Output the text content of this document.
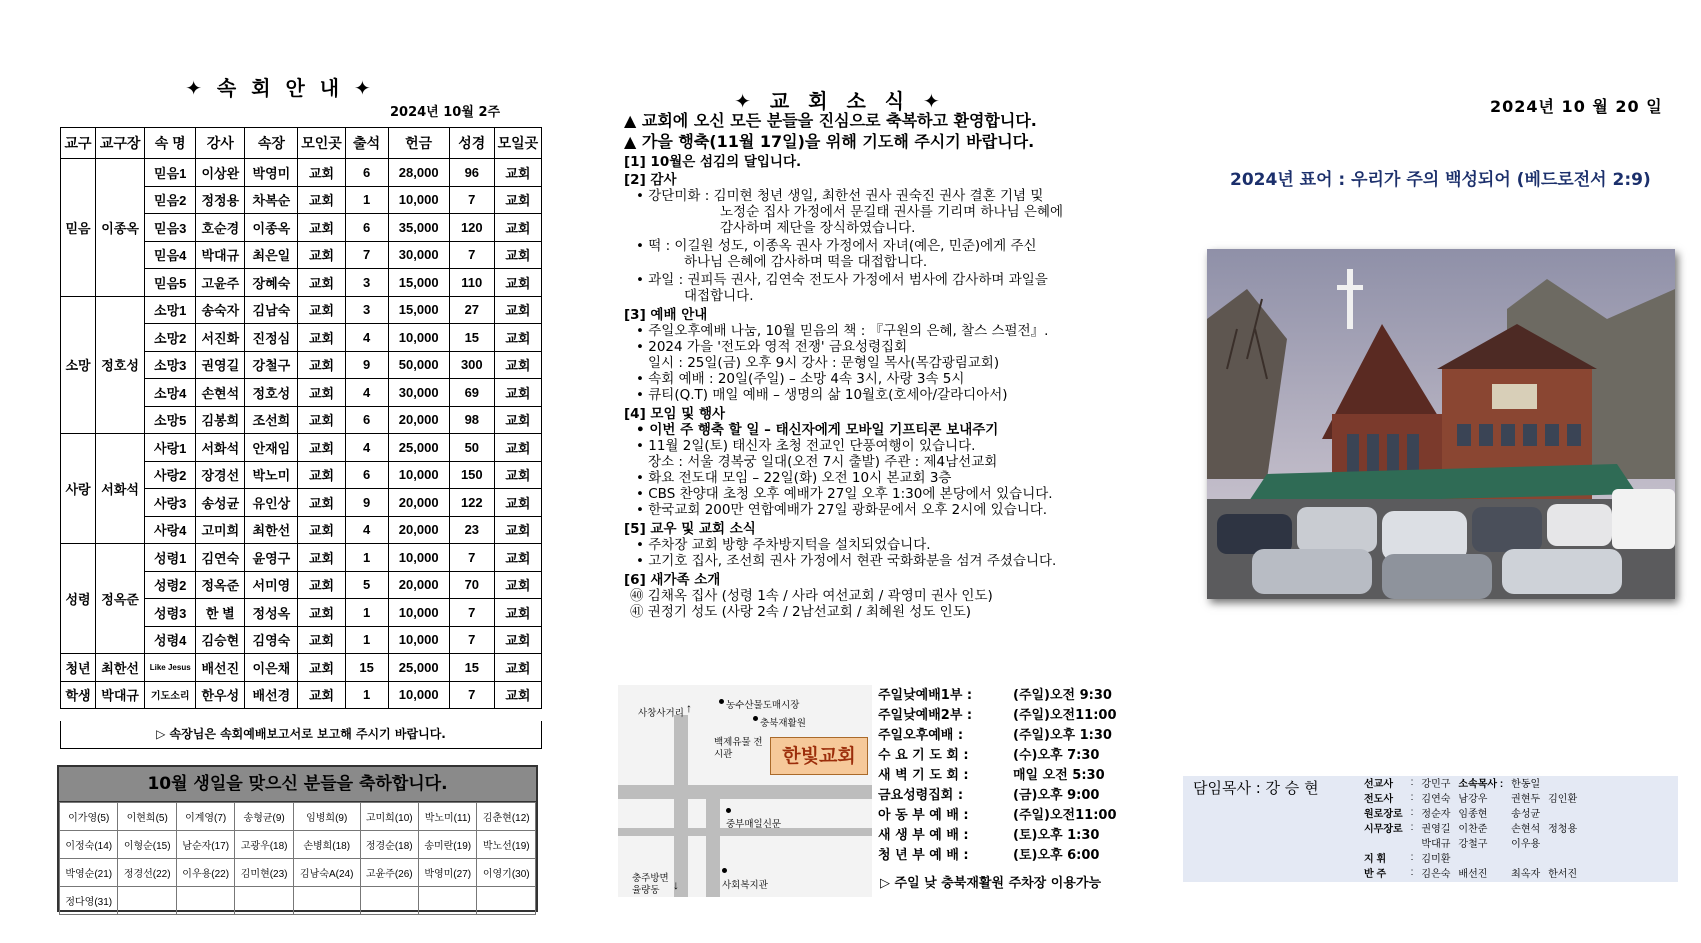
✦ 속 회 안 내 ✦
2024년 10월 2주
교구	교구장	속 명	강사	속장	모인곳	출석	헌금	성경	모일곳
믿음	이종옥	믿음1	이상완	박영미	교회	6	28,000	96	교회
		믿음2	정정용	차복순	교회	1	10,000	7	교회
		믿음3	호순경	이종옥	교회	6	35,000	120	교회
		믿음4	박대규	최은일	교회	7	30,000	7	교회
		믿음5	고윤주	장혜숙	교회	3	15,000	110	교회
소망	정호성	소망1	송숙자	김남숙	교회	3	15,000	27	교회
		소망2	서진화	진정심	교회	4	10,000	15	교회
		소망3	권영길	강철구	교회	9	50,000	300	교회
		소망4	손현석	정호성	교회	4	30,000	69	교회
		소망5	김봉희	조선희	교회	6	20,000	98	교회
사랑	서화석	사랑1	서화석	안재임	교회	4	25,000	50	교회
		사랑2	장경선	박노미	교회	6	10,000	150	교회
		사랑3	송성균	유인상	교회	9	20,000	122	교회
		사랑4	고미희	최한선	교회	4	20,000	23	교회
성령	정옥준	성령1	김연숙	윤영구	교회	1	10,000	7	교회
		성령2	정옥준	서미영	교회	5	20,000	70	교회
		성령3	한 별	정성옥	교회	1	10,000	7	교회
		성령4	김승현	김영숙	교회	1	10,000	7	교회
청년	최한선	Like Jesus	배선진	이은채	교회	15	25,000	15	교회
학생	박대규	기도소리	한우성	배선경	교회	1	10,000	7	교회
▷ 속장님은 속회예배보고서로 보고해 주시기 바랍니다.
10월 생일을 맞으신 분들을 축하합니다.
이가영(5)	이현희(5)	이계영(7)	송형균(9)	임병희(9)	고미희(10)	박노미(11)	김춘현(12)
이정숙(14)	이형순(15)	남순자(17)	고광우(18)	손병희(18)	정경순(18)	송미란(19)	박노선(19)
박영순(21)	정경선(22)	이우용(22)	김미현(23)	김남숙A(24)	고윤주(26)	박영미(27)	이영기(30)
정다영(31)							
✦ 교 회 소 식 ✦
▲ 교회에 오신 모든 분들을 진심으로 축복하고 환영합니다.
▲ 가을 행축(11월 17일)을 위해 기도해 주시기 바랍니다.
[1] 10월은 섬김의 달입니다.
[2] 감사
• 강단미화 : 김미현 청년 생일, 최한선 권사 권숙진 권사 결혼 기념 및
노정순 집사 가정에서 문길태 권사를 기리며 하나님 은혜에
감사하며 제단을 장식하였습니다.
• 떡 : 이길원 성도, 이종옥 권사 가정에서 자녀(예은, 민준)에게 주신
하나님 은혜에 감사하며 떡을 대접합니다.
• 과일 : 권피득 권사, 김연숙 전도사 가정에서 범사에 감사하며 과일을
대접합니다.
[3] 예배 안내
• 주일오후예배 나눔, 10월 믿음의 책 : 『구원의 은혜, 찰스 스펄전』.
• 2024 가을 '전도와 영적 전쟁' 금요성령집회
일시 : 25일(금) 오후 9시 강사 : 문형일 목사(목감광림교회)
• 속회 예배 : 20일(주일) – 소망 4속 3시, 사랑 3속 5시
• 큐티(Q.T) 매일 예배 – 생명의 삶 10월호(호세아/갈라디아서)
[4] 모임 및 행사
• 이번 주 행축 할 일 – 태신자에게 모바일 기프티콘 보내주기
• 11월 2일(토) 태신자 초청 전교인 단풍여행이 있습니다.
장소 : 서울 경복궁 일대(오전 7시 출발) 주관 : 제4남선교회
• 화요 전도대 모임 – 22일(화) 오전 10시 본교회 3층
• CBS 찬양대 초청 오후 예배가 27일 오후 1:30에 본당에서 있습니다.
• 한국교회 200만 연합예배가 27일 광화문에서 오후 2시에 있습니다.
[5] 교우 및 교회 소식
• 주차장 교회 방향 주차방지턱을 설치되었습니다.
• 고기호 집사, 조선희 권사 가정에서 현관 국화화분을 섬겨 주셨습니다.
[6] 새가족 소개
㊵ 김채옥 집사 (성령 1속 / 사라 여선교회 / 곽영미 권사 인도)
㊶ 권정기 성도 (사랑 2속 / 2남선교회 / 최혜원 성도 인도)
사창사거리 ↑	농수산물도매시장
충북재활원
백제유물 전시관	한빛교회
중부매일신문
사회복지관
충주방면 율량동	↓
주일낮예배1부 :	(주일)오전 9:30
주일낮예배2부 :	(주일)오전11:00
주일오후예배 :	(주일)오후 1:30
수 요 기 도 회 :	(수)오후 7:30
새 벽 기 도 회 :	매일 오전 5:30
금요성령집회 :	(금)오후 9:00
아 동 부 예 배 :	(주일)오전11:00
새 생 부 예 배 :	(토)오후 1:30
청 년 부 예 배 :	(토)오후 6:00
▷ 주일 낮 충북재활원 주차장 이용가능
2024년 10 월 20 일
2024년 표어 : 우리가 주의 백성되어 (베드로전서 2:9)
담임목사 : 강 승 현	선교사	:	강민구	소속목사 :	한동일	
전도사	:	김연숙	남강우	권현두	김인환
원로장로	:	정순자	임종현	송성균	
시무장로	:	권영길	이찬준	손현석	정청용
		박대규	강철구	이우용	
지 휘	:	김미환			
반 주	:	김은숙	배선진	최옥자	한서진
